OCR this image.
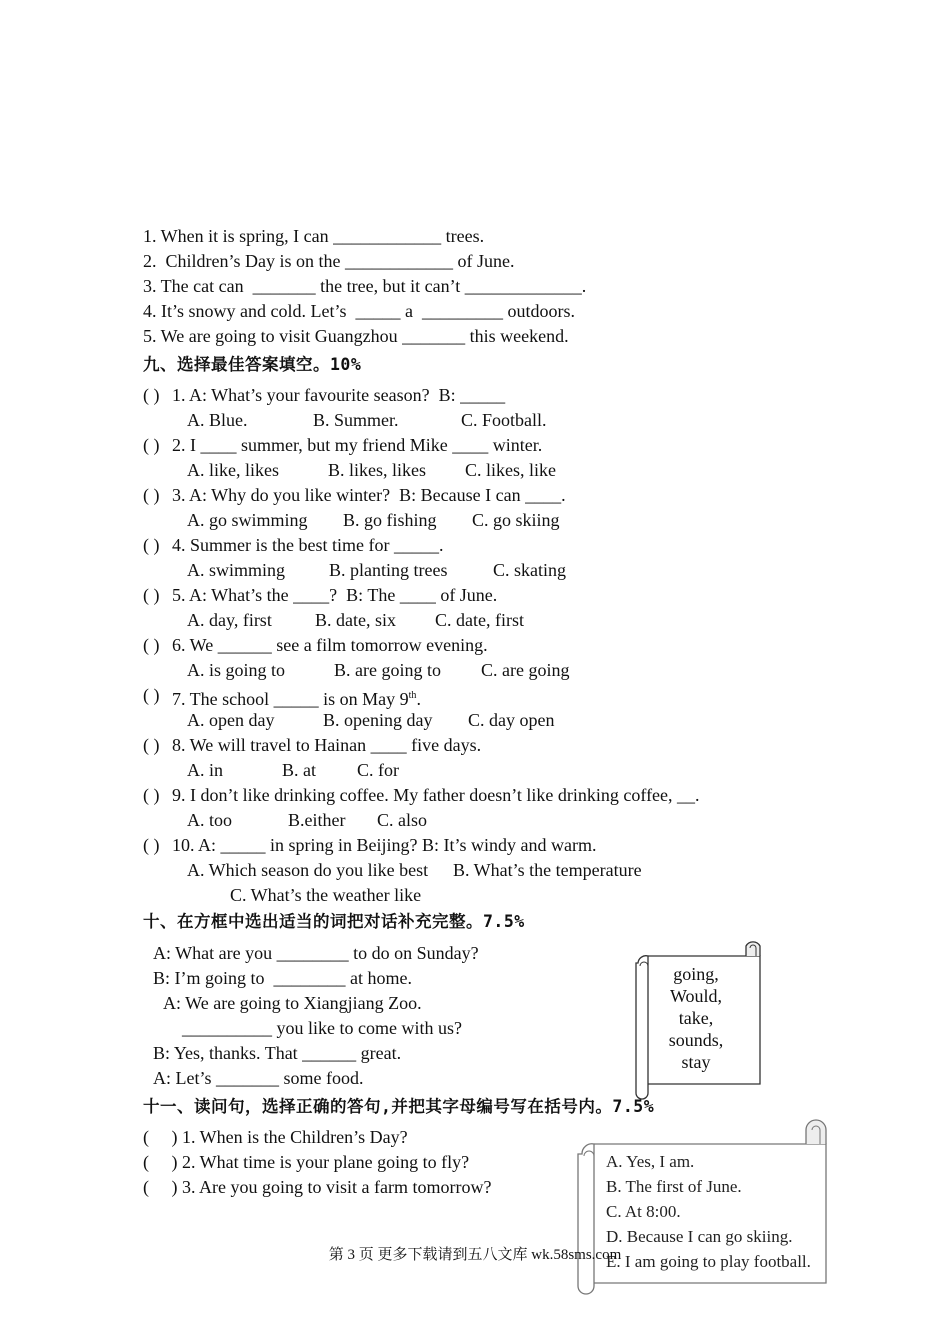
1. When it is spring, I can ____________ trees.
2.  Children’s Day is on the ____________ of June.
3. The cat can  _______ the tree, but it can’t _____________.
4. It’s snowy and cold. Let’s  _____ a  _________ outdoors.
5. We are going to visit Guangzhou _______ this weekend.
九、选择最佳答案填空。10%
( ) 1. A: What’s your favourite season?  B: _____
A. Blue.	B. Summer.	C. Football.
( ) 2. I ____ summer, but my friend Mike ____ winter.
A. like, likes	B. likes, likes C. likes, like
( ) 3. A: Why do you like winter?  B: Because I can ____.
A. go swimming B. go fishing C. go skiing
( ) 4. Summer is the best time for _____.
A. swimming B. planting trees	C. skating
( ) 5. A: What’s the ____?  B: The ____ of June.
A. day, first B. date, six C. date, first
( ) 6. We ______ see a film tomorrow evening.
A. is going to	B. are going to C. are going
( ) 7. The school _____ is on May 9th.
A. open day	B. opening day C. day open
( ) 8. We will travel to Hainan ____ five days.
A. in	B. at C. for
( ) 9. I don’t like drinking coffee. My father doesn’t like drinking coffee, __.
A. too	B.either C. also
( ) 10. A: _____ in spring in Beijing? B: It’s windy and warm.
A. Which season do you like best B. What’s the temperature
C. What’s the weather like
十、在方框中选出适当的词把对话补充完整。7.5%
A: What are you ________ to do on Sunday?
B: I’m going to  ________ at home.
A: We are going to Xiangjiang Zoo.
__________ you like to come with us?
B: Yes, thanks. That ______ great.
A: Let’s _______ some food.
going,
Would,
take,
sounds,
stay
十一、读问句，选择正确的答句,并把其字母编号写在括号内。7.5%
(     ) 1. When is the Children’s Day?
(     ) 2. What time is your plane going to fly?
(     ) 3. Are you going to visit a farm tomorrow?
A. Yes, I am.
B. The first of June.
C. At 8:00.
D. Because I can go skiing.
E. I am going to play football.
第 3 页 更多下载请到五八文库 wk.58sms.com
